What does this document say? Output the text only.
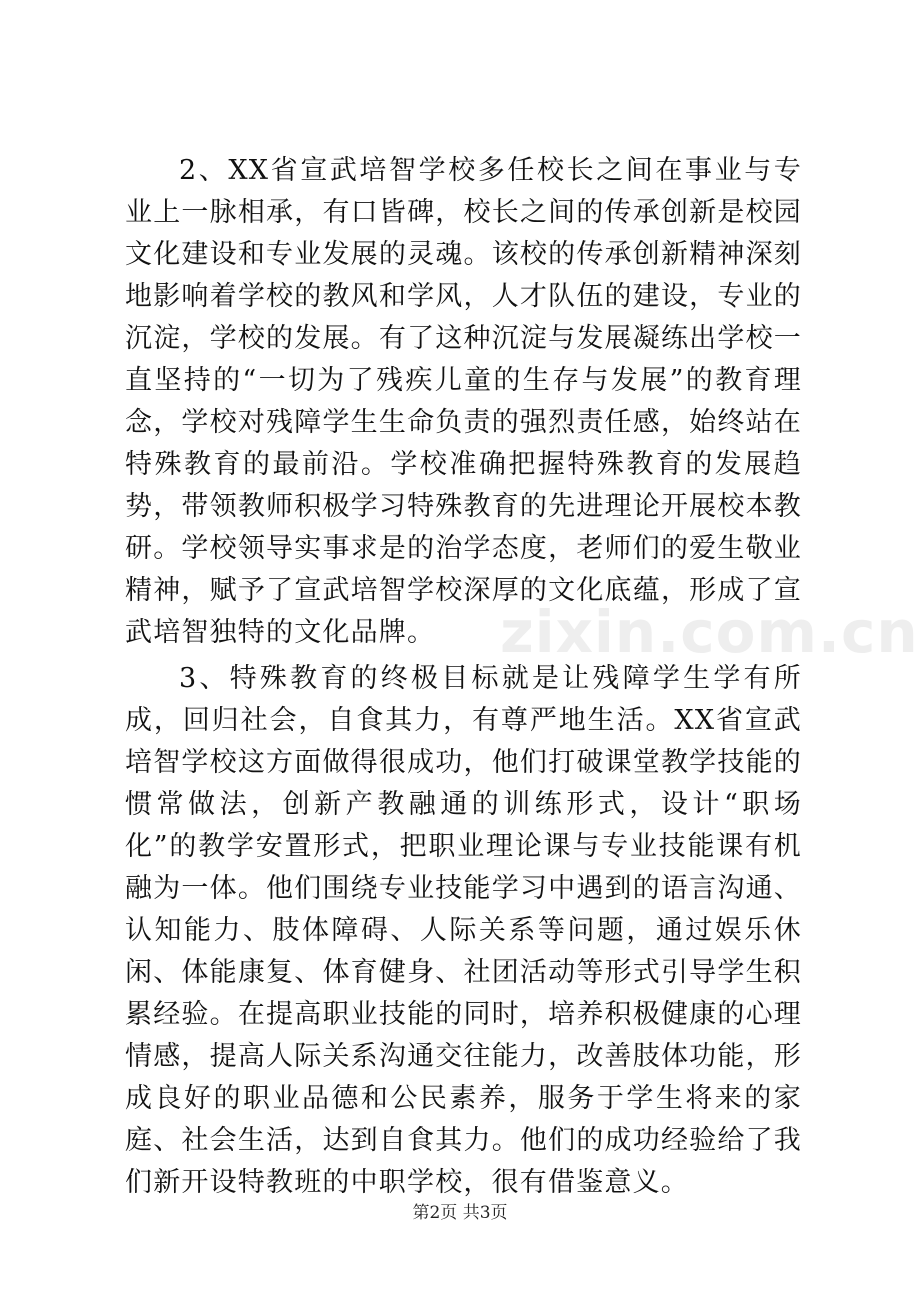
2、XX省宣武培智学校多任校长之间在事业与专业上一脉相承，有口皆碑，校长之间的传承创新是校园文化建设和专业发展的灵魂。该校的传承创新精神深刻地影响着学校的教风和学风，人才队伍的建设，专业的沉淀，学校的发展。有了这种沉淀与发展凝练出学校一直坚持的“一切为了残疾儿童的生存与发展”的教育理念，学校对残障学生生命负责的强烈责任感，始终站在特殊教育的最前沿。学校准确把握特殊教育的发展趋势，带领教师积极学习特殊教育的先进理论开展校本教研。学校领导实事求是的治学态度，老师们的爱生敬业精神，赋予了宣武培智学校深厚的文化底蕴，形成了宣武培智独特的文化品牌。

3、特殊教育的终极目标就是让残障学生学有所成，回归社会，自食其力，有尊严地生活。XX省宣武培智学校这方面做得很成功，他们打破课堂教学技能的惯常做法，创新产教融通的训练形式，设计“职场化”的教学安置形式，把职业理论课与专业技能课有机融为一体。他们围绕专业技能学习中遇到的语言沟通、认知能力、肢体障碍、人际关系等问题，通过娱乐休闲、体能康复、体育健身、社团活动等形式引导学生积累经验。在提高职业技能的同时，培养积极健康的心理情感，提高人际关系沟通交往能力，改善肢体功能，形成良好的职业品德和公民素养，服务于学生将来的家庭、社会生活，达到自食其力。他们的成功经验给了我们新开设特教班的中职学校，很有借鉴意义。

zixin.com.cn
第2页 共3页
